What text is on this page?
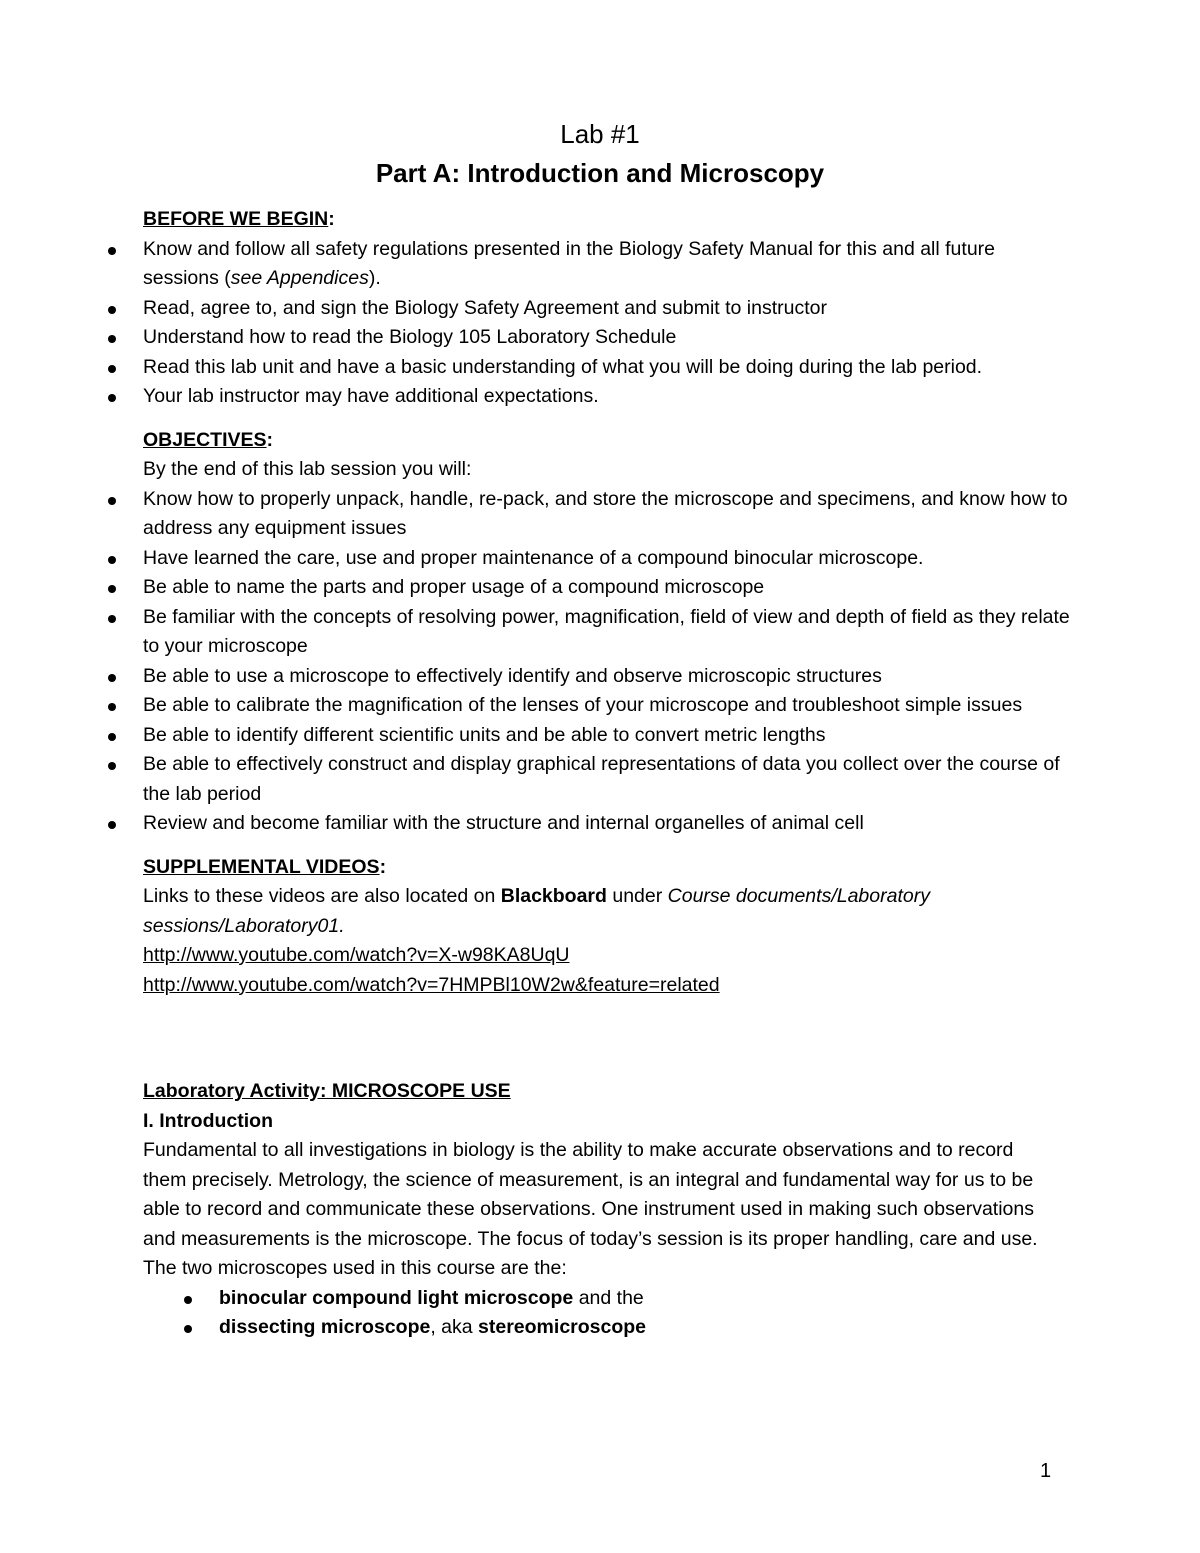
Lab #1
Part A: Introduction and Microscopy
BEFORE WE BEGIN:
Know and follow all safety regulations presented in the Biology Safety Manual for this and all future sessions (see Appendices).
Read, agree to, and sign the Biology Safety Agreement and submit to instructor
Understand how to read the Biology 105 Laboratory Schedule
Read this lab unit and have a basic understanding of what you will be doing during the lab period.
Your lab instructor may have additional expectations.
OBJECTIVES:
By the end of this lab session you will:
Know how to properly unpack, handle, re-pack, and store the microscope and specimens, and know how to address any equipment issues
Have learned the care, use and proper maintenance of a compound binocular microscope.
Be able to name the parts and proper usage of a compound microscope
Be familiar with the concepts of resolving power, magnification, field of view and depth of field as they relate to your microscope
Be able to use a microscope to effectively identify and observe microscopic structures
Be able to calibrate the magnification of the lenses of your microscope and troubleshoot simple issues
Be able to identify different scientific units and be able to convert metric lengths
Be able to effectively construct and display graphical representations of data you collect over the course of the lab period
Review and become familiar with the structure and internal organelles of animal cell
SUPPLEMENTAL VIDEOS:
Links to these videos are also located on Blackboard under Course documents/Laboratory sessions/Laboratory01.
http://www.youtube.com/watch?v=X-w98KA8UqU
http://www.youtube.com/watch?v=7HMPBl10W2w&feature=related
Laboratory Activity: MICROSCOPE USE
I. Introduction
Fundamental to all investigations in biology is the ability to make accurate observations and to record them precisely. Metrology, the science of measurement, is an integral and fundamental way for us to be able to record and communicate these observations. One instrument used in making such observations and measurements is the microscope. The focus of today’s session is its proper handling, care and use. The two microscopes used in this course are the:
binocular compound light microscope and the
dissecting microscope, aka stereomicroscope
1
